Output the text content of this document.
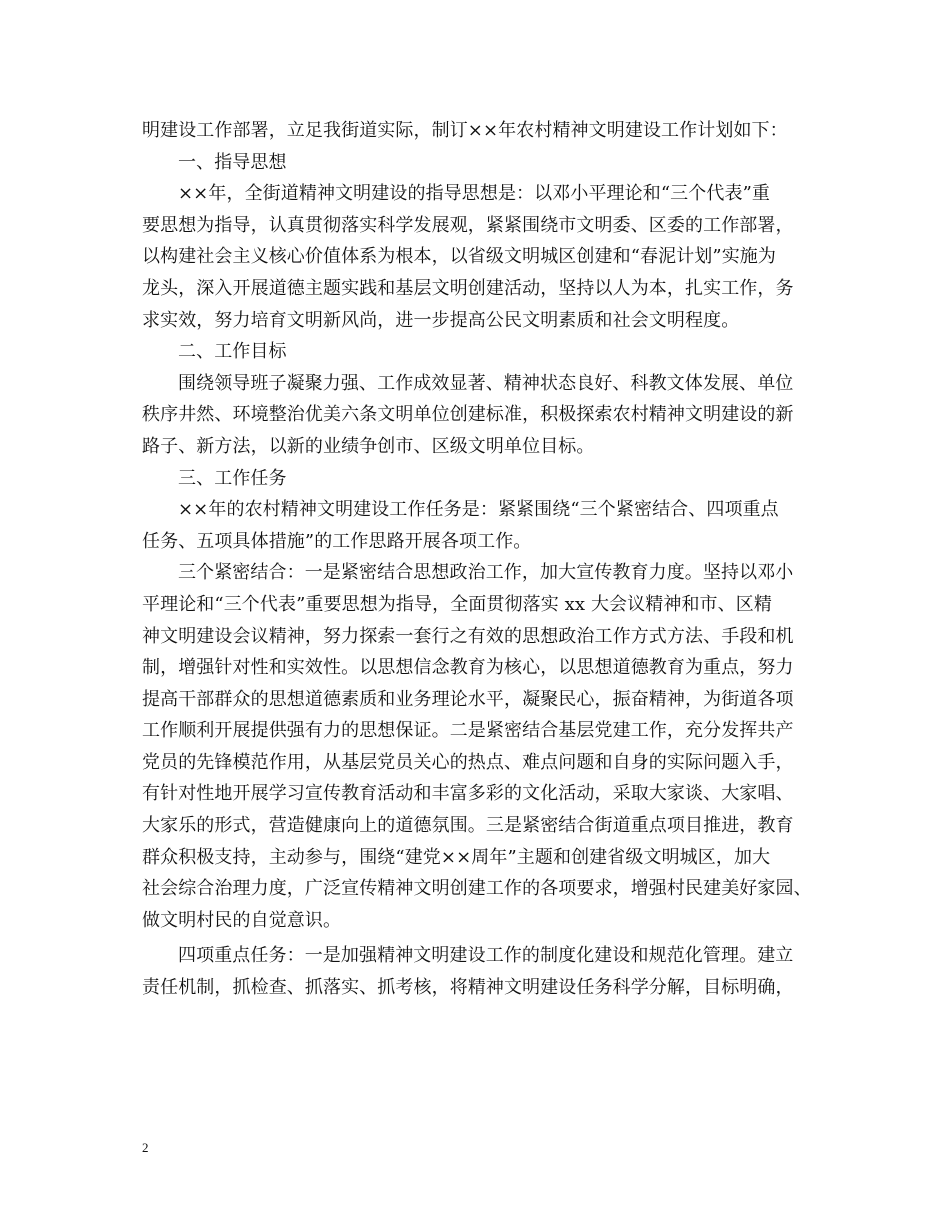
明建设工作部署，立足我街道实际，制订××年农村精神文明建设工作计划如下：
一、指导思想
××年，全街道精神文明建设的指导思想是：以邓小平理论和“三个代表”重
要思想为指导，认真贯彻落实科学发展观，紧紧围绕市文明委、区委的工作部署，
以构建社会主义核心价值体系为根本，以省级文明城区创建和“春泥计划”实施为
龙头，深入开展道德主题实践和基层文明创建活动，坚持以人为本，扎实工作，务
求实效，努力培育文明新风尚，进一步提高公民文明素质和社会文明程度。
二、工作目标
围绕领导班子凝聚力强、工作成效显著、精神状态良好、科教文体发展、单位
秩序井然、环境整治优美六条文明单位创建标准，积极探索农村精神文明建设的新
路子、新方法，以新的业绩争创市、区级文明单位目标。
三、工作任务
××年的农村精神文明建设工作任务是：紧紧围绕“三个紧密结合、四项重点
任务、五项具体措施”的工作思路开展各项工作。
三个紧密结合：一是紧密结合思想政治工作，加大宣传教育力度。坚持以邓小
平理论和“三个代表”重要思想为指导，全面贯彻落实 xx 大会议精神和市、区精
神文明建设会议精神，努力探索一套行之有效的思想政治工作方式方法、手段和机
制，增强针对性和实效性。以思想信念教育为核心，以思想道德教育为重点，努力
提高干部群众的思想道德素质和业务理论水平，凝聚民心，振奋精神，为街道各项
工作顺利开展提供强有力的思想保证。二是紧密结合基层党建工作，充分发挥共产
党员的先锋模范作用，从基层党员关心的热点、难点问题和自身的实际问题入手，
有针对性地开展学习宣传教育活动和丰富多彩的文化活动，采取大家谈、大家唱、
大家乐的形式，营造健康向上的道德氛围。三是紧密结合街道重点项目推进，教育
群众积极支持，主动参与，围绕“建党××周年”主题和创建省级文明城区，加大
社会综合治理力度，广泛宣传精神文明创建工作的各项要求，增强村民建美好家园、
做文明村民的自觉意识。
四项重点任务：一是加强精神文明建设工作的制度化建设和规范化管理。建立
责任机制，抓检查、抓落实、抓考核，将精神文明建设任务科学分解，目标明确，
2
